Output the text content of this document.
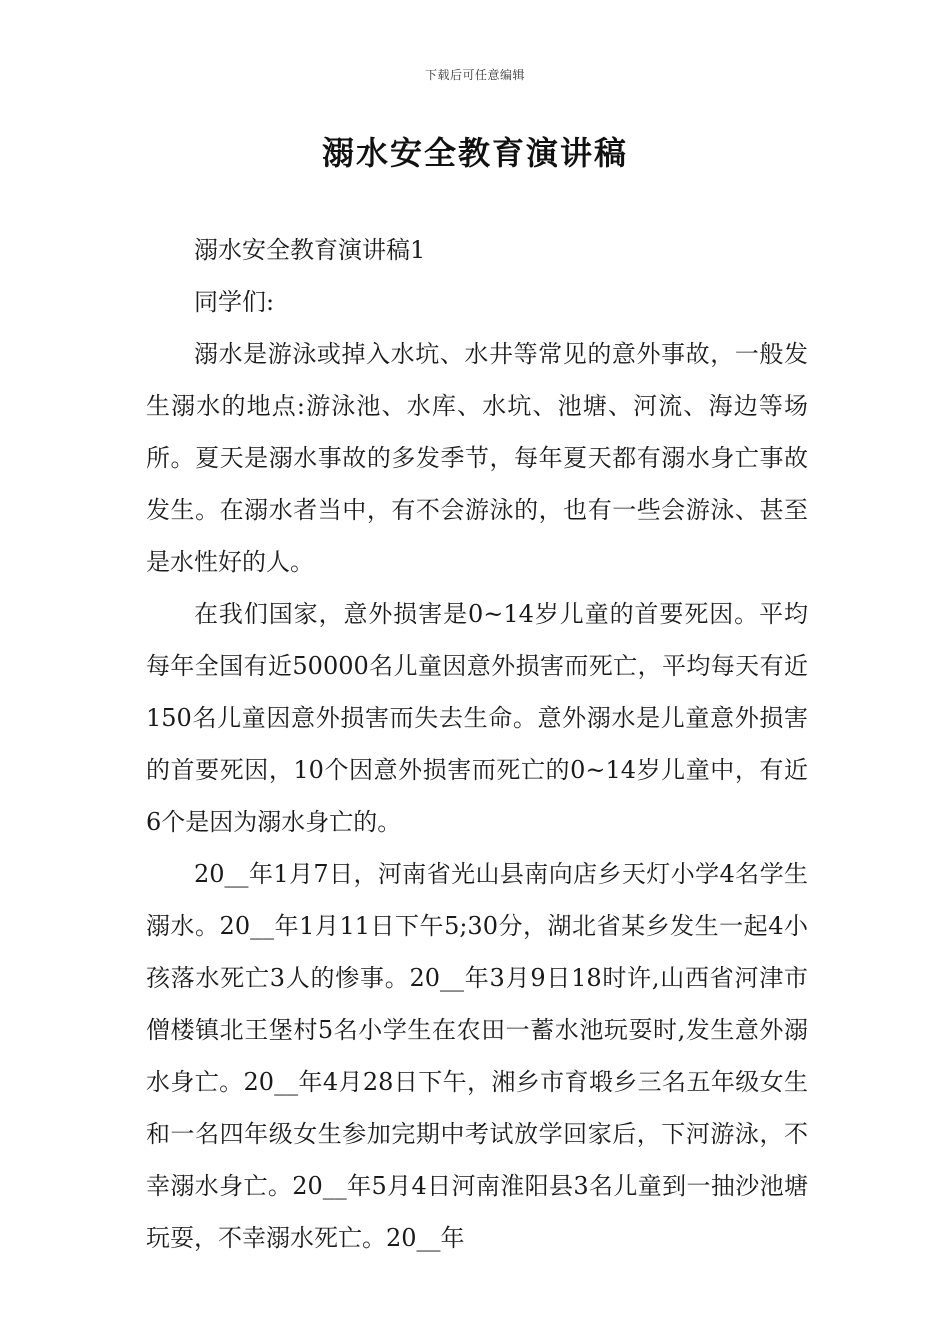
下载后可任意编辑
溺水安全教育演讲稿

溺水安全教育演讲稿1

同学们:

溺水是游泳或掉入水坑、水井等常见的意外事故，一般发生溺水的地点:游泳池、水库、水坑、池塘、河流、海边等场所。夏天是溺水事故的多发季节，每年夏天都有溺水身亡事故发生。在溺水者当中，有不会游泳的，也有一些会游泳、甚至是水性好的人。

在我们国家，意外损害是0~14岁儿童的首要死因。平均每年全国有近50000名儿童因意外损害而死亡，平均每天有近150名儿童因意外损害而失去生命。意外溺水是儿童意外损害的首要死因，10个因意外损害而死亡的0~14岁儿童中，有近6个是因为溺水身亡的。

20__年1月7日，河南省光山县南向店乡天灯小学4名学生溺水。20__年1月11日下午5;30分，湖北省某乡发生一起4小孩落水死亡3人的惨事。20__年3月9日18时许,山西省河津市僧楼镇北王堡村5名小学生在农田一蓄水池玩耍时,发生意外溺水身亡。20__年4月28日下午，湘乡市育塅乡三名五年级女生和一名四年级女生参加完期中考试放学回家后，下河游泳，不幸溺水身亡。20__年5月4日河南淮阳县3名儿童到一抽沙池塘玩耍，不幸溺水死亡。20__年
